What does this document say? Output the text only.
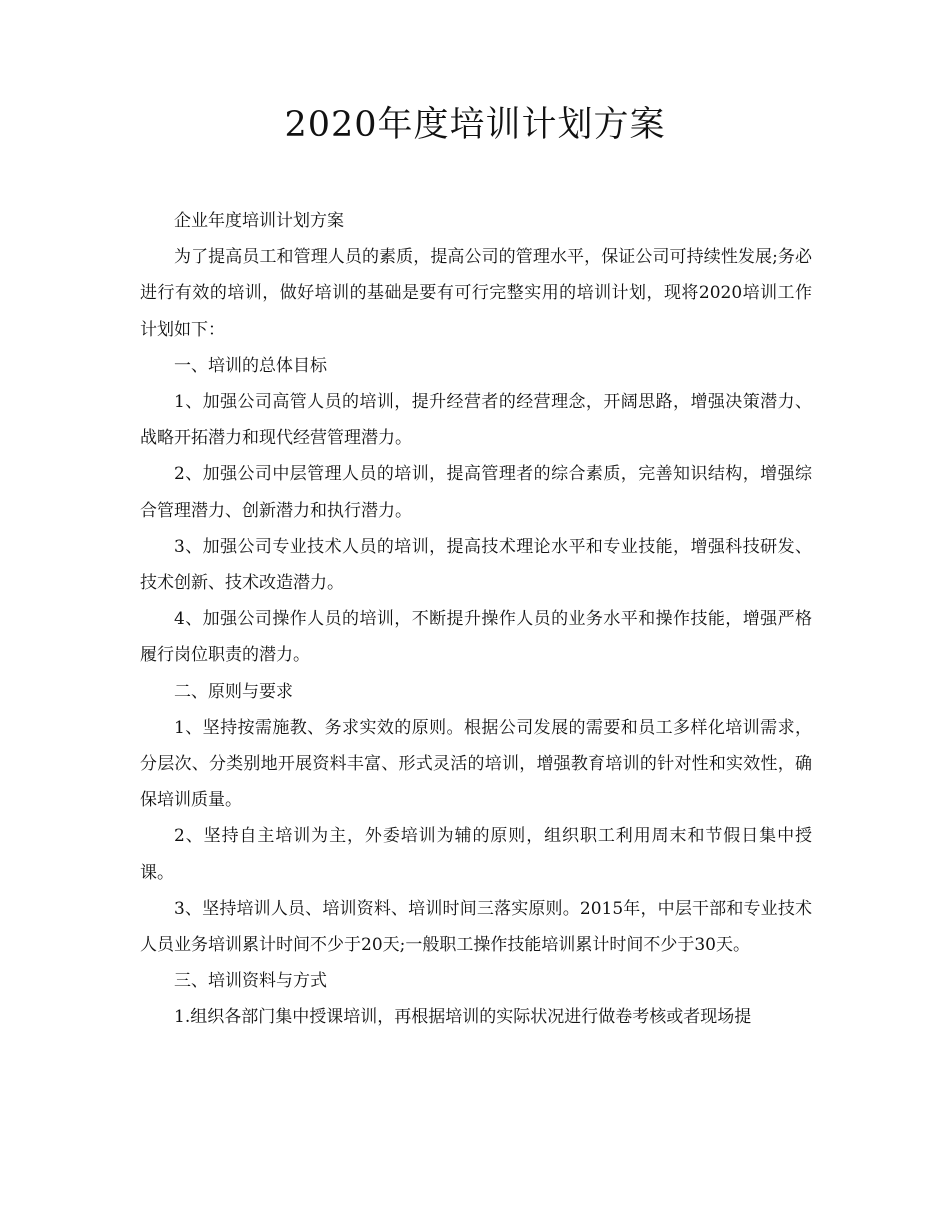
2020年度培训计划方案

企业年度培训计划方案

为了提高员工和管理人员的素质，提高公司的管理水平，保证公司可持续性发展;务必进行有效的培训，做好培训的基础是要有可行完整实用的培训计划，现将2020培训工作计划如下：

一、培训的总体目标

1、加强公司高管人员的培训，提升经营者的经营理念，开阔思路，增强决策潜力、战略开拓潜力和现代经营管理潜力。

2、加强公司中层管理人员的培训，提高管理者的综合素质，完善知识结构，增强综合管理潜力、创新潜力和执行潜力。

3、加强公司专业技术人员的培训，提高技术理论水平和专业技能，增强科技研发、技术创新、技术改造潜力。

4、加强公司操作人员的培训，不断提升操作人员的业务水平和操作技能，增强严格履行岗位职责的潜力。

二、原则与要求

1、坚持按需施教、务求实效的原则。根据公司发展的需要和员工多样化培训需求，分层次、分类别地开展资料丰富、形式灵活的培训，增强教育培训的针对性和实效性，确保培训质量。

2、坚持自主培训为主，外委培训为辅的原则，组织职工利用周末和节假日集中授课。

3、坚持培训人员、培训资料、培训时间三落实原则。2015年，中层干部和专业技术人员业务培训累计时间不少于20天;一般职工操作技能培训累计时间不少于30天。

三、培训资料与方式

1.组织各部门集中授课培训，再根据培训的实际状况进行做卷考核或者现场提
